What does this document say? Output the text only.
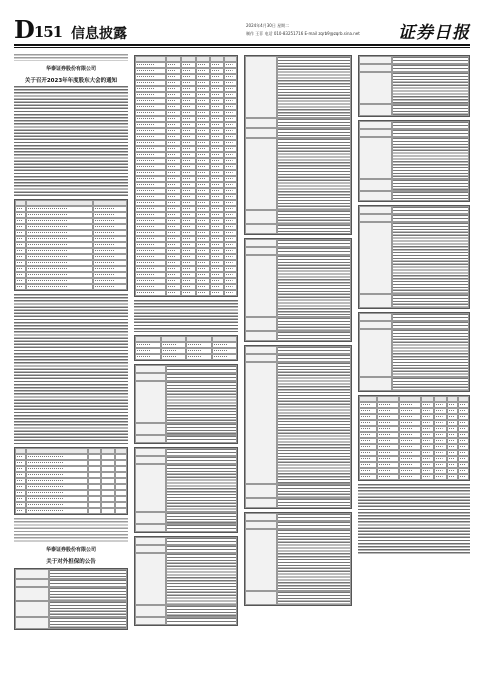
D151 信息披露
2024年4月30日 星期二
制作 王菲 电话 010-83251716 E-mail zqrb9@zqrb.sina.net	证券日报
华泰证券股份有限公司
关于召开2023年年度股东大会的通知
华泰证券股份有限公司
关于对外担保的公告
